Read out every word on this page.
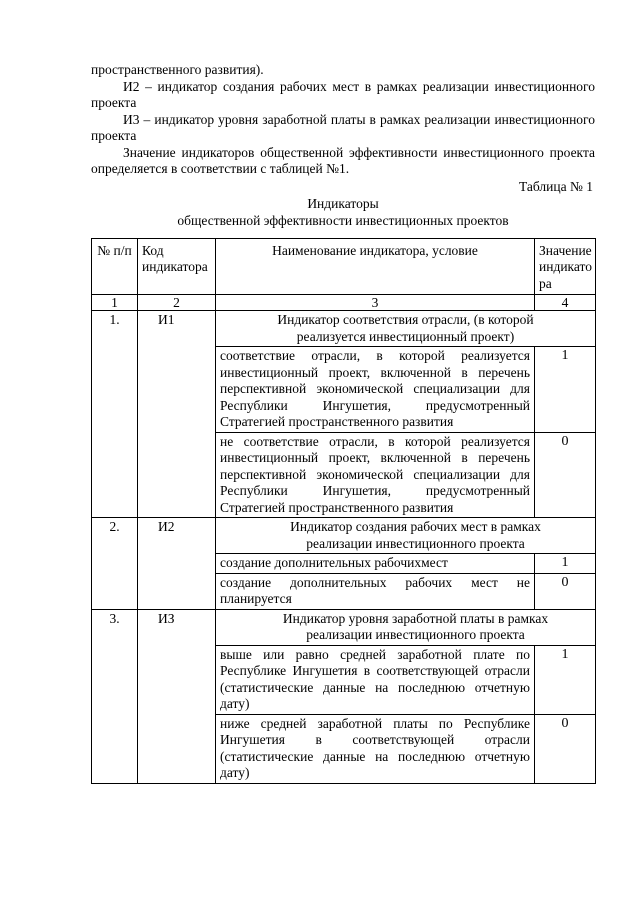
пространственного развития).

И2 – индикатор создания рабочих мест в рамках реализации инвестиционного проекта

И3 – индикатор уровня заработной платы в рамках реализации инвестиционного проекта

Значение индикаторов общественной эффективности инвестиционного проекта определяется в соответствии с таблицей №1.

Таблица № 1

Индикаторы

общественной эффективности инвестиционных проектов

№ п/п	Код индикатора	Наименование индикатора, условие	Значение индикато ра
1	2	3	4
1.	И1	Индикатор соответствия отрасли, (в которой реализуется инвестиционный проект)	
		соответствие отрасли, в которой реализуется инвестиционный проект, включенной в перечень перспективной экономической специализации для Республики Ингушетия, предусмотренный Стратегией пространственного развития	1
		не соответствие отрасли, в которой реализуется инвестиционный проект, включенной в перечень перспективной экономической специализации для Республики Ингушетия, предусмотренный Стратегией пространственного развития	0
2.	И2	Индикатор создания рабочих мест в рамках реализации инвестиционного проекта	
		создание дополнительных рабочихмест	1
		создание дополнительных рабочих мест не планируется	0
3.	ИЗ	Индикатор уровня заработной платы в рамках реализации инвестиционного проекта	
		выше или равно средней заработной плате по Республике Ингушетия в соответствующей отрасли (статистические данные на последнюю отчетную дату)	1
		ниже средней заработной платы по Республике Ингушетия в соответствующей отрасли (статистические данные на последнюю отчетную дату)	0
